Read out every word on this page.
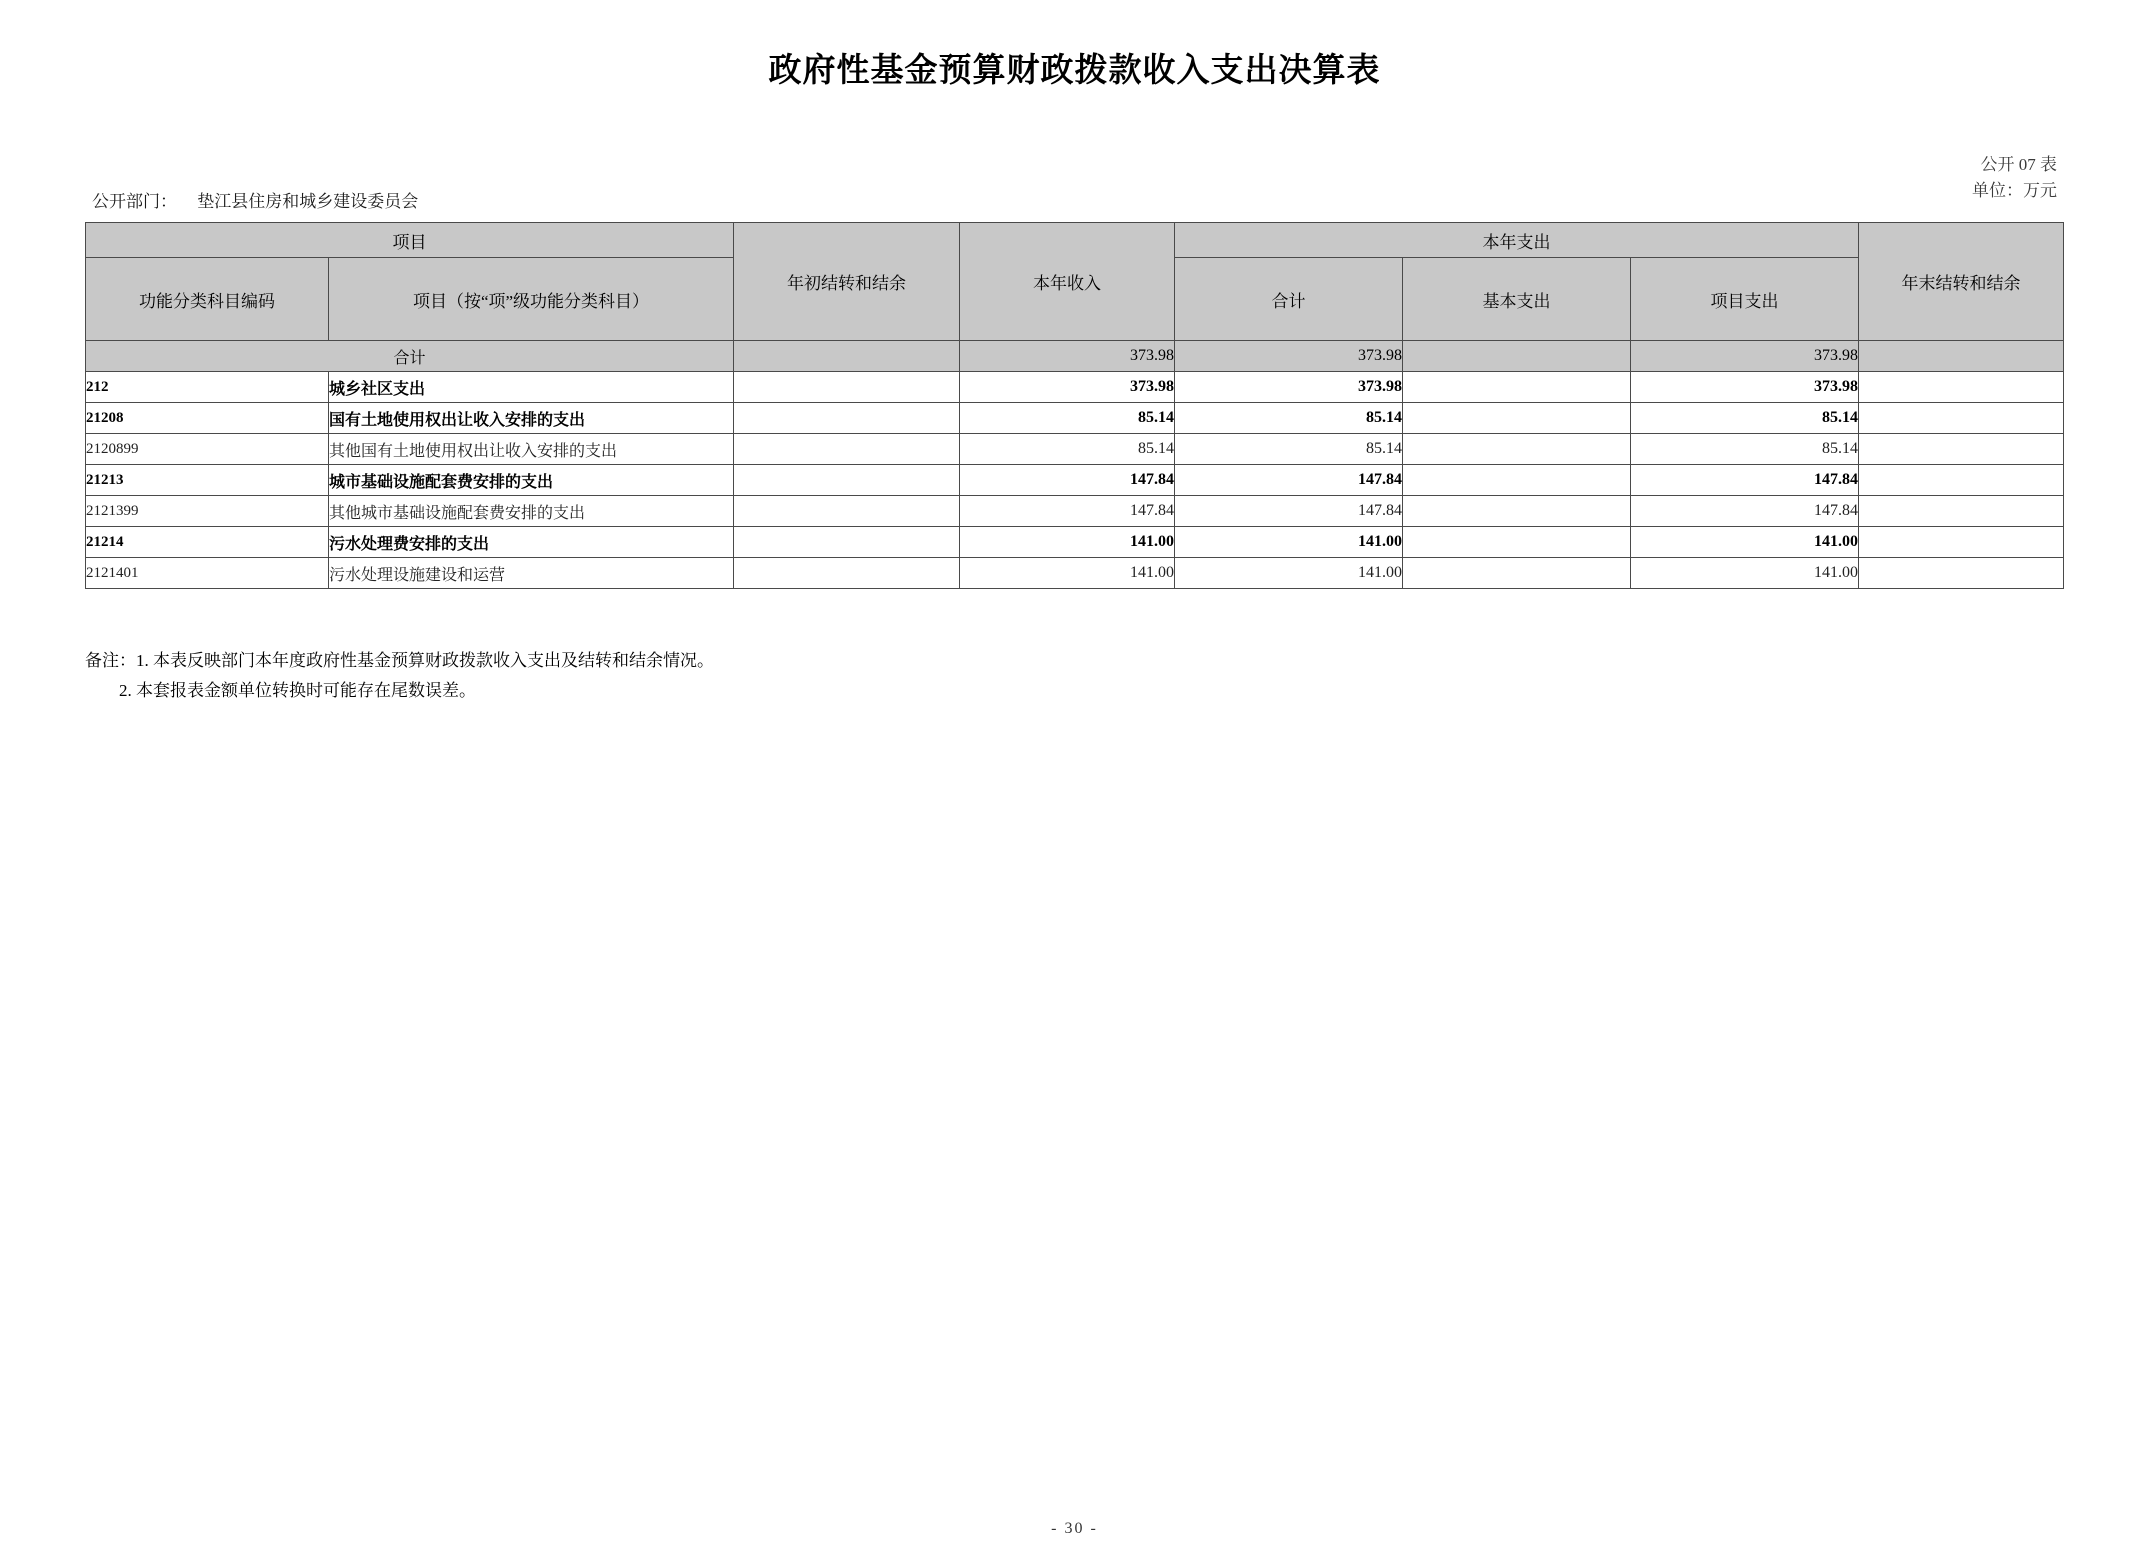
政府性基金预算财政拨款收入支出决算表
公开 07 表
单位：万元
公开部门： 垫江县住房和城乡建设委员会
项目		年初结转和结余	本年收入	本年支出			年末结转和结余
功能分类科目编码	项目（按“项”级功能分类科目）			合计	基本支出	项目支出	
合计			373.98	373.98		373.98	
212	城乡社区支出		373.98	373.98		373.98	
21208	国有土地使用权出让收入安排的支出		85.14	85.14		85.14	
2120899	其他国有土地使用权出让收入安排的支出		85.14	85.14		85.14	
21213	城市基础设施配套费安排的支出		147.84	147.84		147.84	
2121399	其他城市基础设施配套费安排的支出		147.84	147.84		147.84	
21214	污水处理费安排的支出		141.00	141.00		141.00	
2121401	污水处理设施建设和运营		141.00	141.00		141.00	
备注：1. 本表反映部门本年度政府性基金预算财政拨款收入支出及结转和结余情况。
2. 本套报表金额单位转换时可能存在尾数误差。
- 30 -
